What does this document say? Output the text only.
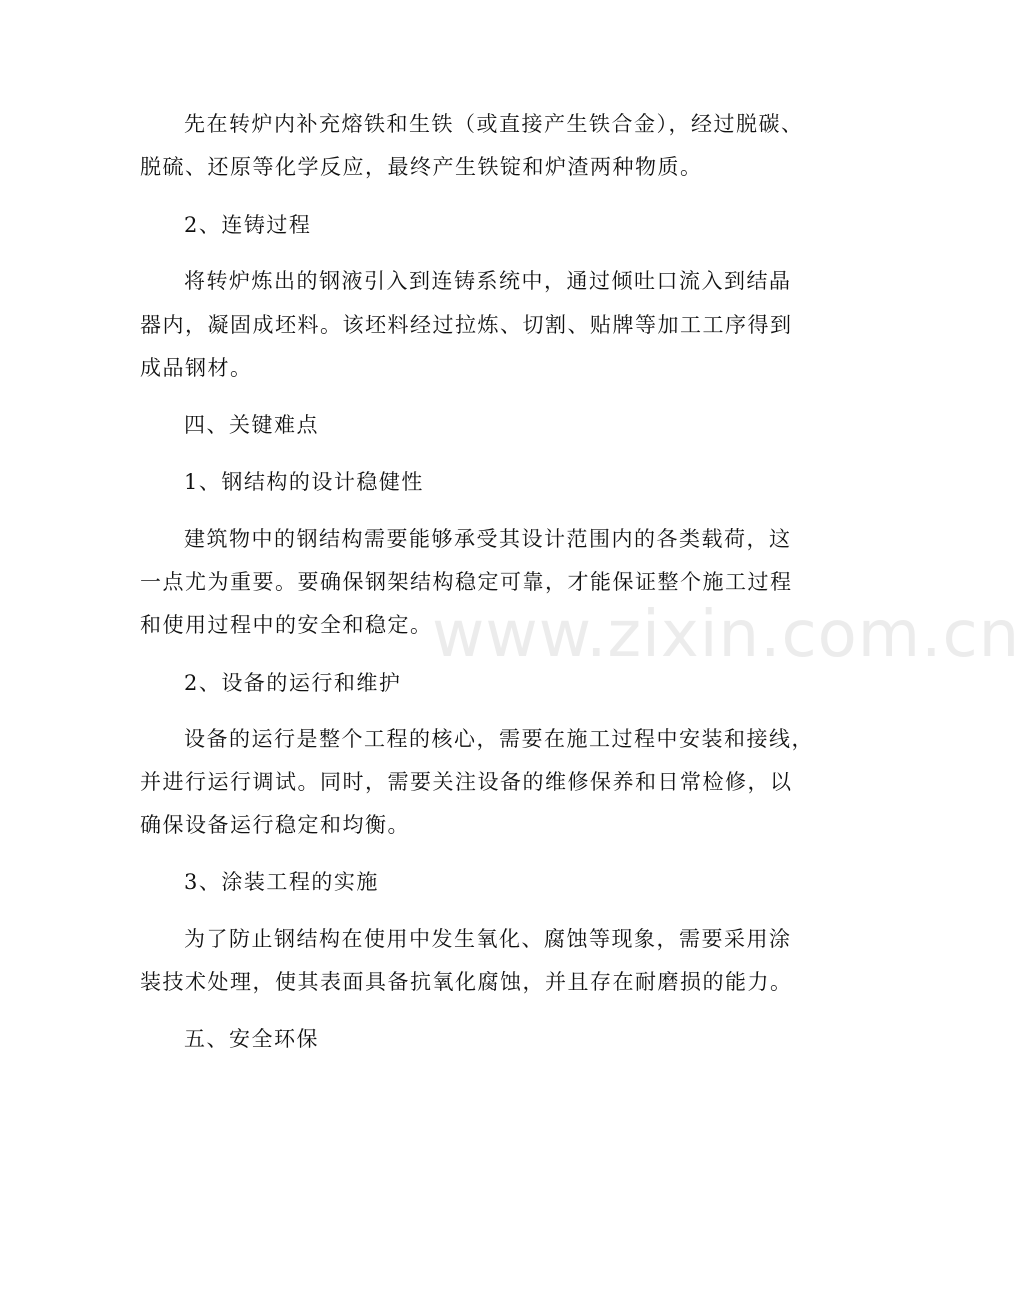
先在转炉内补充熔铁和生铁（或直接产生铁合金），经过脱碳、
脱硫、还原等化学反应，最终产生铁锭和炉渣两种物质。
2、连铸过程
将转炉炼出的钢液引入到连铸系统中，通过倾吐口流入到结晶
器内，凝固成坯料。该坯料经过拉炼、切割、贴牌等加工工序得到
成品钢材。
四、关键难点
1、钢结构的设计稳健性
建筑物中的钢结构需要能够承受其设计范围内的各类载荷，这
一点尤为重要。要确保钢架结构稳定可靠，才能保证整个施工过程
和使用过程中的安全和稳定。
2、设备的运行和维护
设备的运行是整个工程的核心，需要在施工过程中安装和接线，
并进行运行调试。同时，需要关注设备的维修保养和日常检修，以
确保设备运行稳定和均衡。
3、涂装工程的实施
为了防止钢结构在使用中发生氧化、腐蚀等现象，需要采用涂
装技术处理，使其表面具备抗氧化腐蚀，并且存在耐磨损的能力。
五、安全环保
www.zixin.com.cn
